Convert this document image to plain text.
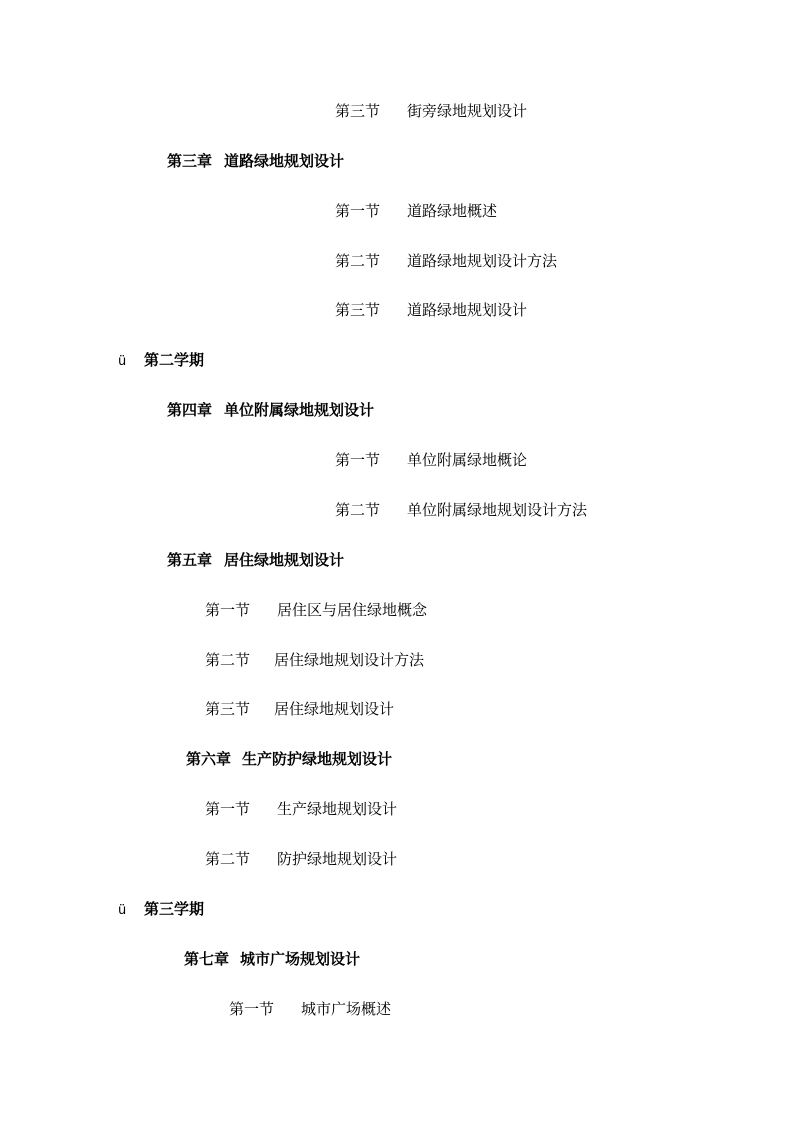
第三节 街旁绿地规划设计
第三章 道路绿地规划设计
第一节 道路绿地概述
第二节 道路绿地规划设计方法
第三节 道路绿地规划设计
ü 第二学期
第四章 单位附属绿地规划设计
第一节 单位附属绿地概论
第二节 单位附属绿地规划设计方法
第五章 居住绿地规划设计
第一节 居住区与居住绿地概念
第二节 居住绿地规划设计方法
第三节 居住绿地规划设计
第六章 生产防护绿地规划设计
第一节 生产绿地规划设计
第二节 防护绿地规划设计
ü 第三学期
第七章 城市广场规划设计
第一节 城市广场概述
